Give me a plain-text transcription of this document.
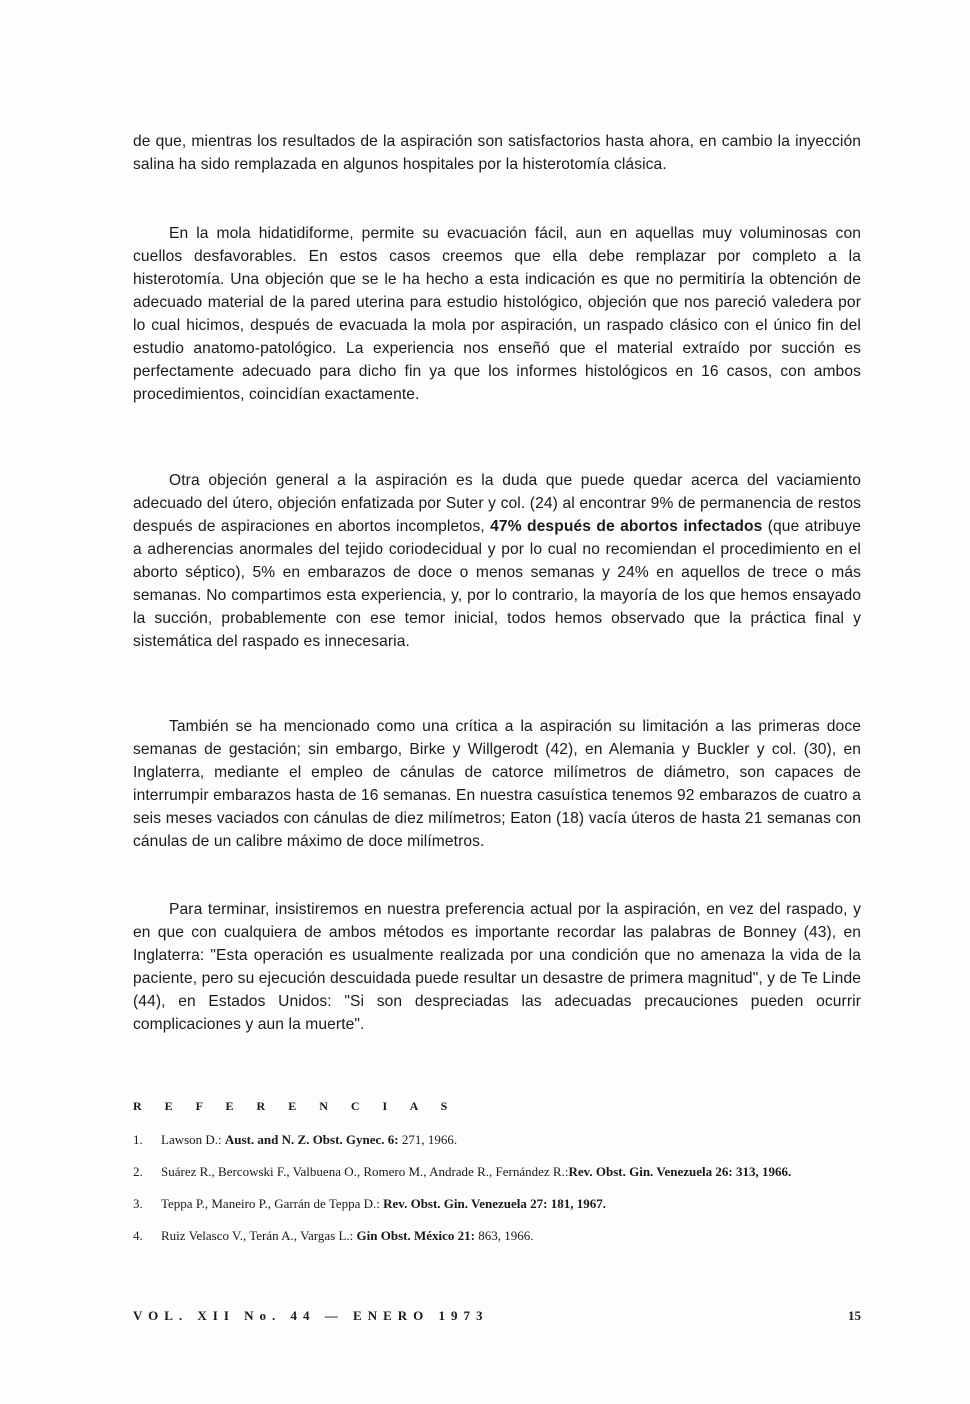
de que, mientras los resultados de la aspiración son satisfactorios hasta ahora, en cambio la inyección salina ha sido remplazada en algunos hospitales por la histerotomía clásica.

En la mola hidatidiforme, permite su evacuación fácil, aun en aquellas muy voluminosas con cuellos desfavorables. En estos casos creemos que ella debe remplazar por completo a la histerotomía. Una objeción que se le ha hecho a esta indicación es que no permitiría la obtención de adecuado material de la pared uterina para estudio histológico, objeción que nos pareció valedera por lo cual hicimos, después de evacuada la mola por aspiración, un raspado clásico con el único fin del estudio anatomo-patológico. La experiencia nos enseñó que el material extraído por succión es perfectamente adecuado para dicho fin ya que los informes histológicos en 16 casos, con ambos procedimientos, coincidían exactamente.

Otra objeción general a la aspiración es la duda que puede quedar acerca del vaciamiento adecuado del útero, objeción enfatizada por Suter y col. (24) al encontrar 9% de permanencia de restos después de aspiraciones en abortos incompletos, 47% después de abortos infectados (que atribuye a adherencias anormales del tejido coriodecidual y por lo cual no recomiendan el procedimiento en el aborto séptico), 5% en embarazos de doce o menos semanas y 24% en aquellos de trece o más semanas. No compartimos esta experiencia, y, por lo contrario, la mayoría de los que hemos ensayado la succión, probablemente con ese temor inicial, todos hemos observado que la práctica final y sistemática del raspado es innecesaria.

También se ha mencionado como una crítica a la aspiración su limitación a las primeras doce semanas de gestación; sin embargo, Birke y Willgerodt (42), en Alemania y Buckler y col. (30), en Inglaterra, mediante el empleo de cánulas de catorce milímetros de diámetro, son capaces de interrumpir embarazos hasta de 16 semanas. En nuestra casuística tenemos 92 embarazos de cuatro a seis meses vaciados con cánulas de diez milímetros; Eaton (18) vacía úteros de hasta 21 semanas con cánulas de un calibre máximo de doce milímetros.

Para terminar, insistiremos en nuestra preferencia actual por la aspiración, en vez del raspado, y en que con cualquiera de ambos métodos es importante recordar las palabras de Bonney (43), en Inglaterra: "Esta operación es usualmente realizada por una condición que no amenaza la vida de la paciente, pero su ejecución descuidada puede resultar un desastre de primera magnitud", y de Te Linde (44), en Estados Unidos: "Si son despreciadas las adecuadas precauciones pueden ocurrir complicaciones y aun la muerte".

R E F E R E N C I A S
1. Lawson D.: Aust. and N. Z. Obst. Gynec. 6: 271, 1966.
2. Suárez R., Bercowski F., Valbuena O., Romero M., Andrade R., Fernández R.:Rev. Obst. Gin. Venezuela 26: 313, 1966.
3. Teppa P., Maneiro P., Garrán de Teppa D.: Rev. Obst. Gin. Venezuela 27: 181, 1967.
4. Ruiz Velasco V., Terán A., Vargas L.: Gin Obst. México 21: 863, 1966.
VOL. XII No. 44 — ENERO 1973	15
